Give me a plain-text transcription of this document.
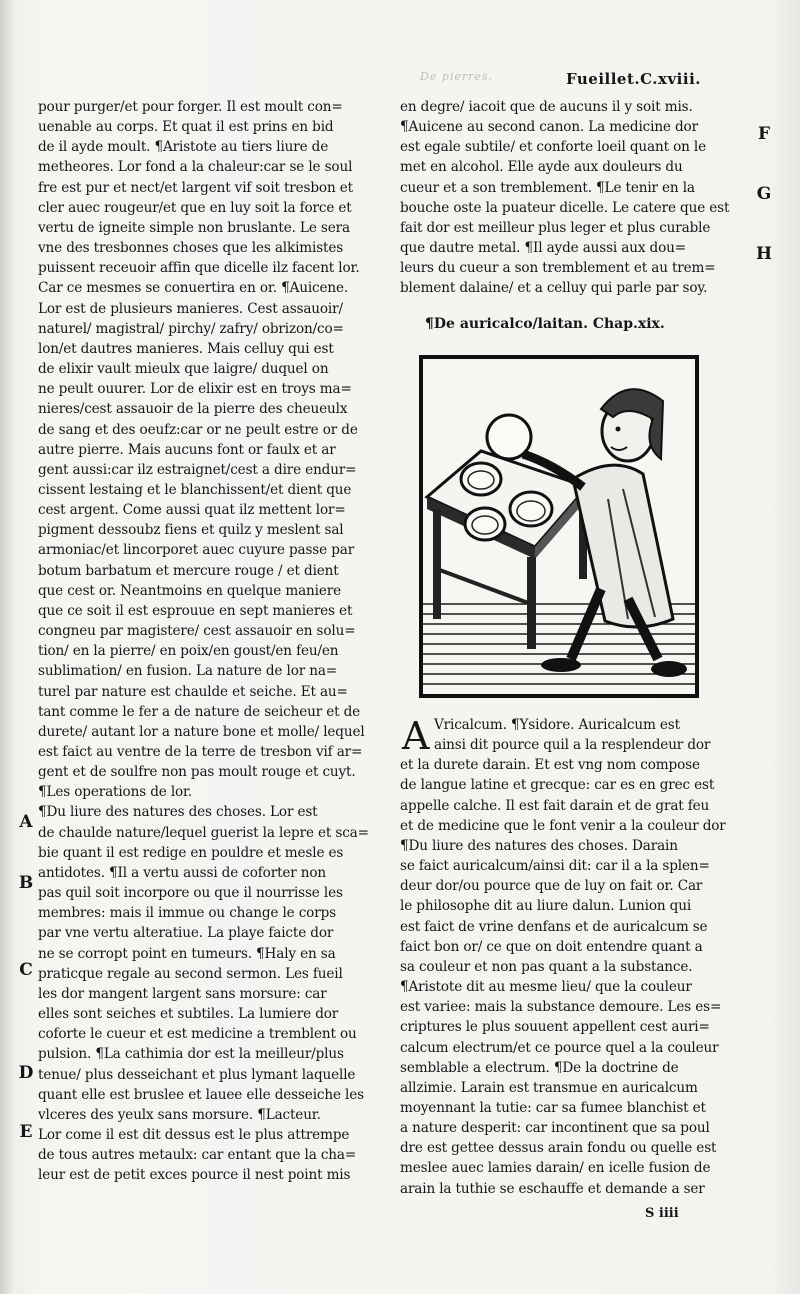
De pierres.	Fueillet.C.xviii.

pour purger/et pour forger. Il est moult con=

uenable au corps. Et quat il est prins en bid

de il ayde moult. ¶Aristote au tiers liure de

metheores. Lor fond a la chaleur:car se le soul

fre est pur et nect/et largent vif soit tresbon et

cler auec rougeur/et que en luy soit la force et

vertu de igneite simple non bruslante. Le sera

vne des tresbonnes choses que les alkimistes

puissent receuoir affin que dicelle ilz facent lor.

Car ce mesmes se conuertira en or. ¶Auicene.

Lor est de plusieurs manieres. Cest assauoir/

naturel/ magistral/ pirchy/ zafry/ obrizon/co=

lon/et dautres manieres. Mais celluy qui est

de elixir vault mieulx que laigre/ duquel on

ne peult ouurer. Lor de elixir est en troys ma=

nieres/cest assauoir de la pierre des cheueulx

de sang et des oeufz:car or ne peult estre or de

autre pierre. Mais aucuns font or faulx et ar

gent aussi:car ilz estraignet/cest a dire endur=

cissent lestaing et le blanchissent/et dient que

cest argent. Come aussi quat ilz mettent lor=

pigment dessoubz fiens et quilz y meslent sal

armoniac/et lincorporet auec cuyure passe par

botum barbatum et mercure rouge / et dient

que cest or. Neantmoins en quelque maniere

que ce soit il est esprouue en sept manieres et

congneu par magistere/ cest assauoir en solu=

tion/ en la pierre/ en poix/en goust/en feu/en

sublimation/ en fusion. La nature de lor na=

turel par nature est chaulde et seiche. Et au=

tant comme le fer a de nature de seicheur et de

durete/ autant lor a nature bone et molle/ lequel

est faict au ventre de la terre de tresbon vif ar=

gent et de soulfre non pas moult rouge et cuyt.

¶Les operations de lor.

¶Du liure des natures des choses. Lor est

de chaulde nature/lequel guerist la lepre et sca=

bie quant il est redige en pouldre et mesle es

antidotes. ¶Il a vertu aussi de coforter non

pas quil soit incorpore ou que il nourrisse les

membres: mais il immue ou change le corps

par vne vertu alteratiue. La playe faicte dor

ne se corropt point en tumeurs. ¶Haly en sa

praticque regale au second sermon. Les fueil

les dor mangent largent sans morsure: car

elles sont seiches et subtiles. La lumiere dor

coforte le cueur et est medicine a tremblent ou

pulsion. ¶La cathimia dor est la meilleur/plus

tenue/ plus desseichant et plus lymant laquelle

quant elle est bruslee et lauee elle desseiche les

vlceres des yeulx sans morsure. ¶Lacteur.

Lor come il est dit dessus est le plus attrempe

de tous autres metaulx: car entant que la cha=

leur est de petit exces pource il nest point mis

en degre/ iacoit que de aucuns il y soit mis.

¶Auicene au second canon. La medicine dor

est egale subtile/ et conforte loeil quant on le

met en alcohol. Elle ayde aux douleurs du

cueur et a son tremblement. ¶Le tenir en la

bouche oste la puateur dicelle. Le catere que est

fait dor est meilleur plus leger et plus curable

que dautre metal. ¶Il ayde aussi aux dou=

leurs du cueur a son tremblement et au trem=

blement dalaine/ et a celluy qui parle par soy.

¶De auricalco/laitan. Chap.xix.
A Vricalcum. ¶Ysidore. Auricalcum est

ainsi dit pource quil a la resplendeur dor

et la durete darain. Et est vng nom compose

de langue latine et grecque: car es en grec est

appelle calche. Il est fait darain et de grat feu

et de medicine que le font venir a la couleur dor

¶Du liure des natures des choses. Darain

se faict auricalcum/ainsi dit: car il a la splen=

deur dor/ou pource que de luy on fait or. Car

le philosophe dit au liure dalun. Lunion qui

est faict de vrine denfans et de auricalcum se

faict bon or/ ce que on doit entendre quant a

sa couleur et non pas quant a la substance.

¶Aristote dit au mesme lieu/ que la couleur

est variee: mais la substance demoure. Les es=

criptures le plus souuent appellent cest auri=

calcum electrum/et ce pource quel a la couleur

semblable a electrum. ¶De la doctrine de

allzimie. Larain est transmue en auricalcum

moyennant la tutie: car sa fumee blanchist et

a nature desperit: car incontinent que sa poul

dre est gettee dessus arain fondu ou quelle est

meslee auec lamies darain/ en icelle fusion de

arain la tuthie se eschauffe et demande a ser

A
B
C
D
E
F
G
H
S iiii
